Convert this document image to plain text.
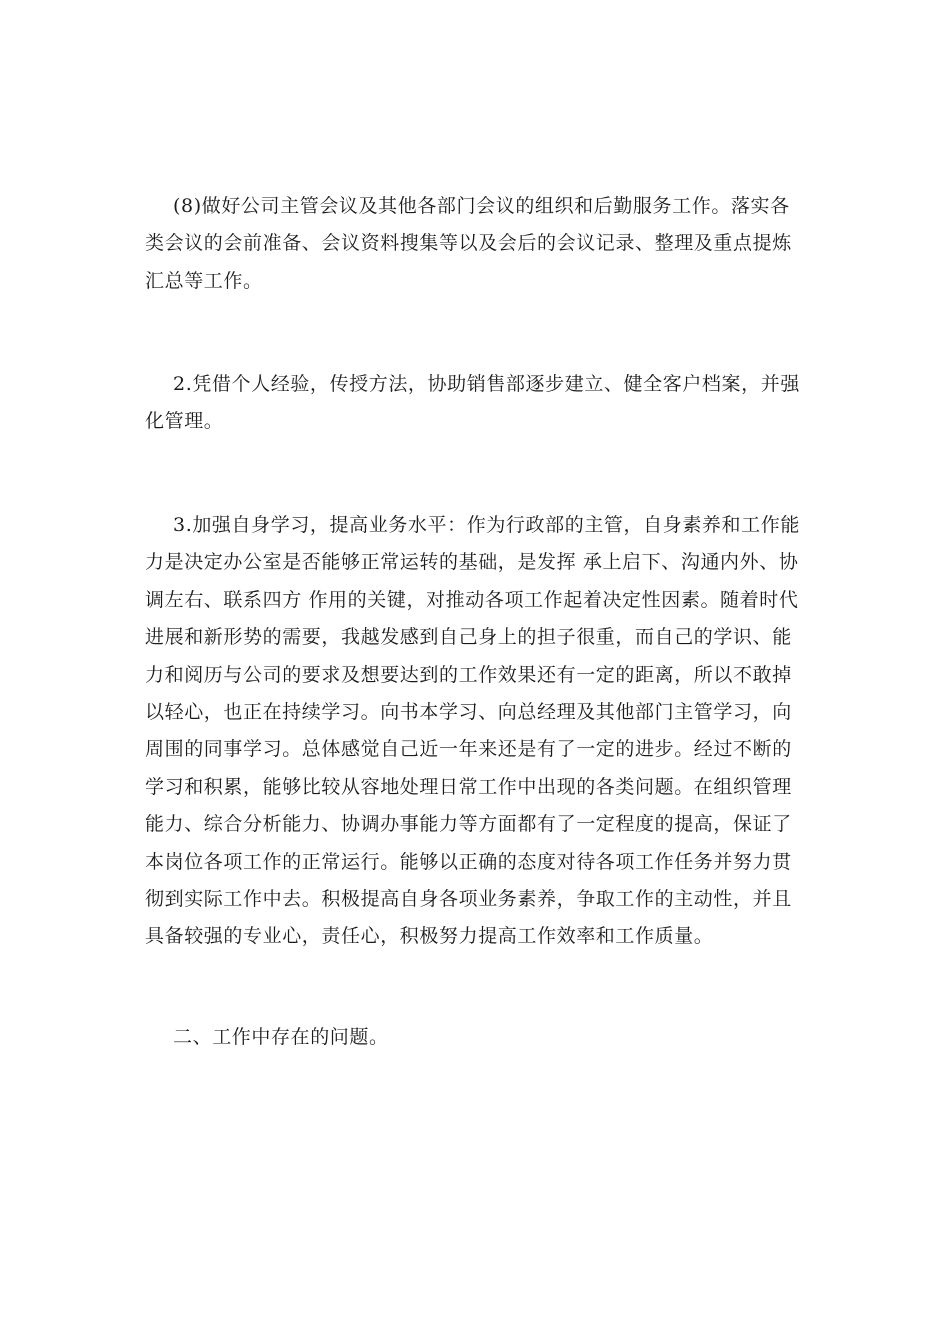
(8)做好公司主管会议及其他各部门会议的组织和后勤服务工作。落实各类会议的会前准备、会议资料搜集等以及会后的会议记录、整理及重点提炼汇总等工作。

2.凭借个人经验，传授方法，协助销售部逐步建立、健全客户档案，并强化管理。

3.加强自身学习，提高业务水平：作为行政部的主管，自身素养和工作能力是决定办公室是否能够正常运转的基础，是发挥 承上启下、沟通内外、协调左右、联系四方 作用的关键，对推动各项工作起着决定性因素。随着时代进展和新形势的需要，我越发感到自己身上的担子很重，而自己的学识、能力和阅历与公司的要求及想要达到的工作效果还有一定的距离，所以不敢掉以轻心，也正在持续学习。向书本学习、向总经理及其他部门主管学习，向周围的同事学习。总体感觉自己近一年来还是有了一定的进步。经过不断的学习和积累，能够比较从容地处理日常工作中出现的各类问题。在组织管理能力、综合分析能力、协调办事能力等方面都有了一定程度的提高，保证了本岗位各项工作的正常运行。能够以正确的态度对待各项工作任务并努力贯彻到实际工作中去。积极提高自身各项业务素养，争取工作的主动性，并且具备较强的专业心，责任心，积极努力提高工作效率和工作质量。

二、工作中存在的问题。
